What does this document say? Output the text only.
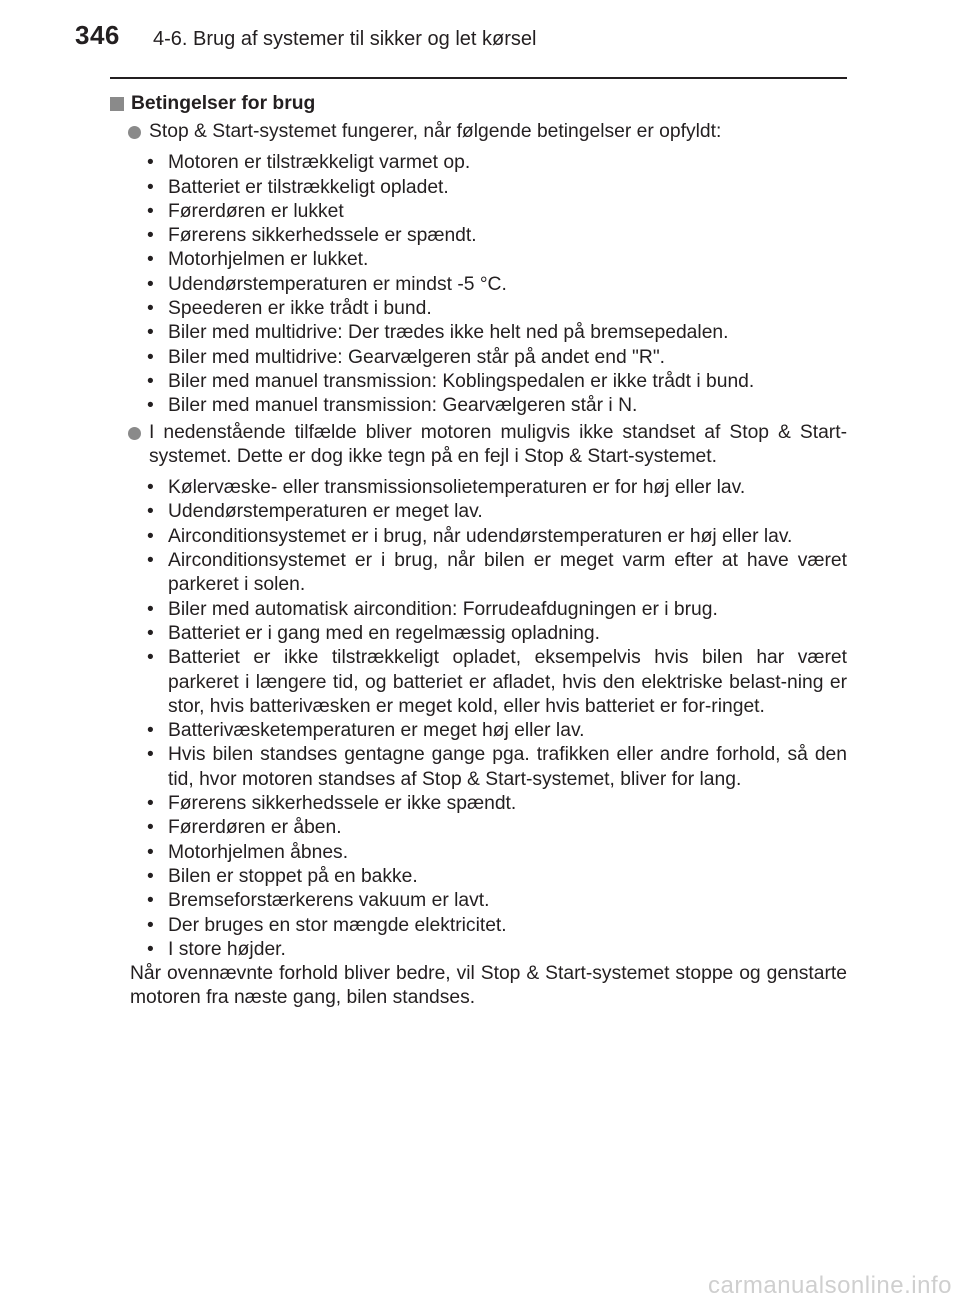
346 4-6. Brug af systemer til sikker og let kørsel
Betingelser for brug
Stop & Start-systemet fungerer, når følgende betingelser er opfyldt:
• Motoren er tilstrækkeligt varmet op.
• Batteriet er tilstrækkeligt opladet.
• Førerdøren er lukket
• Førerens sikkerhedssele er spændt.
• Motorhjelmen er lukket.
• Udendørstemperaturen er mindst -5 °C.
• Speederen er ikke trådt i bund.
• Biler med multidrive: Der trædes ikke helt ned på bremsepedalen.
• Biler med multidrive: Gearvælgeren står på andet end "R".
• Biler med manuel transmission: Koblingspedalen er ikke trådt i bund.
• Biler med manuel transmission: Gearvælgeren står i N.
I nedenstående tilfælde bliver motoren muligvis ikke standset af Stop & Start-systemet. Dette er dog ikke tegn på en fejl i Stop & Start-systemet.
• Kølervæske- eller transmissionsolietemperaturen er for høj eller lav.
• Udendørstemperaturen er meget lav.
• Airconditionsystemet er i brug, når udendørstemperaturen er høj eller lav.
• Airconditionsystemet er i brug, når bilen er meget varm efter at have været parkeret i solen.
• Biler med automatisk aircondition: Forrudeafdugningen er i brug.
• Batteriet er i gang med en regelmæssig opladning.
• Batteriet er ikke tilstrækkeligt opladet, eksempelvis hvis bilen har været parkeret i længere tid, og batteriet er afladet, hvis den elektriske belast-ning er stor, hvis batterivæsken er meget kold, eller hvis batteriet er for-ringet.
• Batterivæsketemperaturen er meget høj eller lav.
• Hvis bilen standses gentagne gange pga. trafikken eller andre forhold, så den tid, hvor motoren standses af Stop & Start-systemet, bliver for lang.
• Førerens sikkerhedssele er ikke spændt.
• Førerdøren er åben.
• Motorhjelmen åbnes.
• Bilen er stoppet på en bakke.
• Bremseforstærkerens vakuum er lavt.
• Der bruges en stor mængde elektricitet.
• I store højder.

Når ovennævnte forhold bliver bedre, vil Stop & Start-systemet stoppe og genstarte motoren fra næste gang, bilen standses.

carmanualsonline.info
